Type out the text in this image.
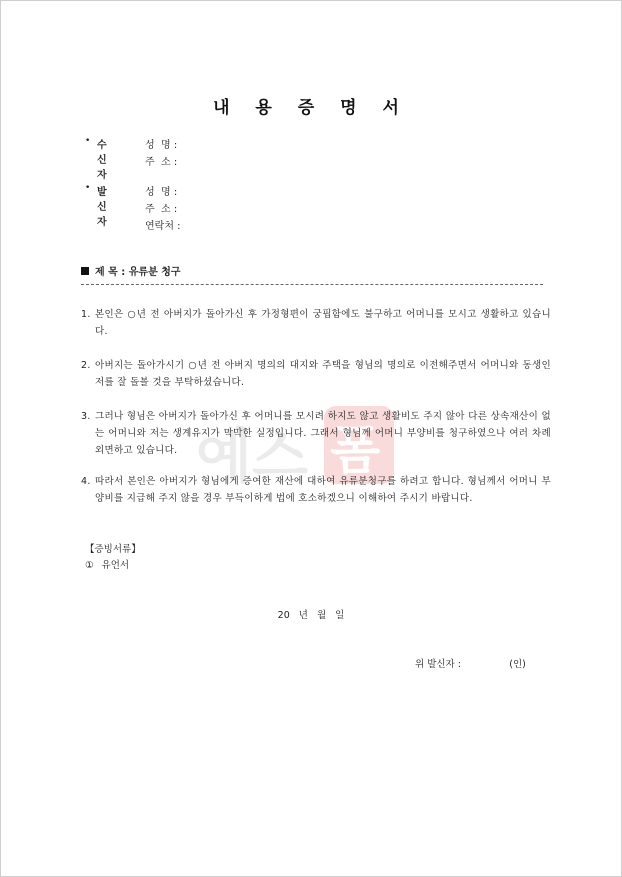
내 용 증 명 서
• 수신자
성  명 :
주  소 :
• 발신자
성  명 :
주  소 :
연락처 :
제 목 : 유류분 청구
예스 폼
1. 본인은 ○년 전 아버지가 돌아가신 후 가정형편이 궁핍함에도 불구하고 어머니를 모시고 생활하고 있습니다.
2. 아버지는 돌아가시기 ○년 전 아버지 명의의 대지와 주택을 형님의 명의로 이전해주면서 어머니와 동생인 저를 잘 돌볼 것을 부탁하셨습니다.
3. 그러나 형님은 아버지가 돌아가신 후 어머니를 모시려 하지도 않고 생활비도 주지 않아 다른 상속재산이 없는 어머니와 저는 생계유지가 막막한 실정입니다. 그래서 형님께 어머니 부양비를 청구하였으나 여러 차례 외면하고 있습니다.
4. 따라서 본인은 아버지가 형님에게 증여한 재산에 대하여 유류분청구를 하려고 합니다. 형님께서 어머니 부양비를 지급해 주지 않을 경우 부득이하게 법에 호소하겠으니 이해하여 주시기 바랍니다.
【증빙서류】
① 유언서
20 년 월 일
위 발신자 :                (인)
